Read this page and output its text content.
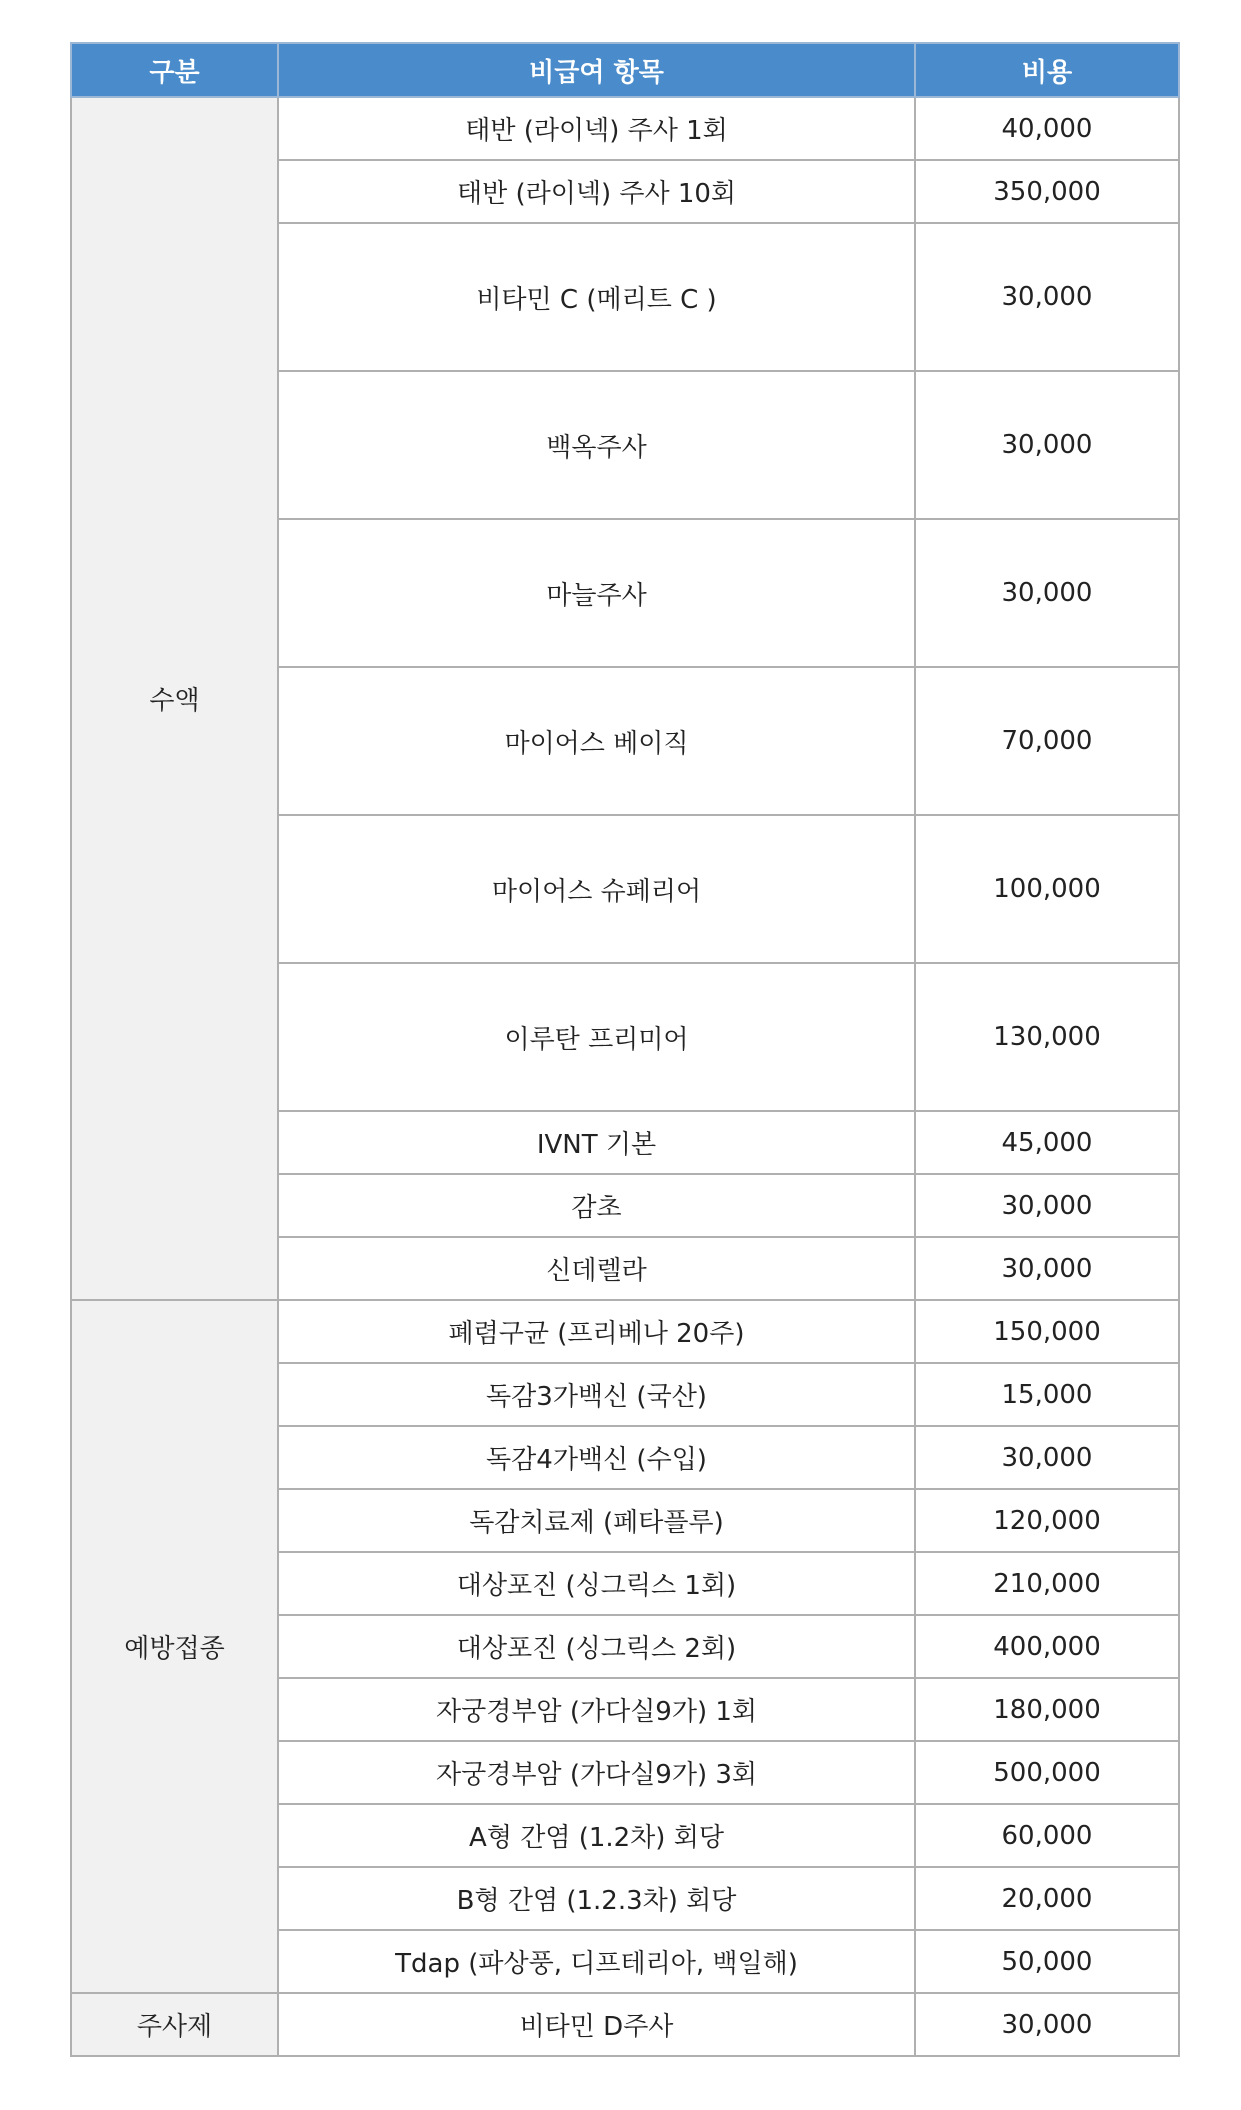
구분	비급여 항목	비용
수액	태반 (라이넥) 주사 1회	40,000
	태반 (라이넥) 주사 10회	350,000
	비타민 C (메리트 C )	30,000
	백옥주사	30,000
	마늘주사	30,000
	마이어스 베이직	70,000
	마이어스 슈페리어	100,000
	이루탄 프리미어	130,000
	IVNT 기본	45,000
	감초	30,000
	신데렐라	30,000
예방접종	폐렴구균 (프리베나 20주)	150,000
	독감3가백신 (국산)	15,000
	독감4가백신 (수입)	30,000
	독감치료제 (페타플루)	120,000
	대상포진 (싱그릭스 1회)	210,000
	대상포진 (싱그릭스 2회)	400,000
	자궁경부암 (가다실9가) 1회	180,000
	자궁경부암 (가다실9가) 3회	500,000
	A형 간염 (1.2차) 회당	60,000
	B형 간염 (1.2.3차) 회당	20,000
	Tdap (파상풍, 디프테리아, 백일해)	50,000
주사제	비타민 D주사	30,000
